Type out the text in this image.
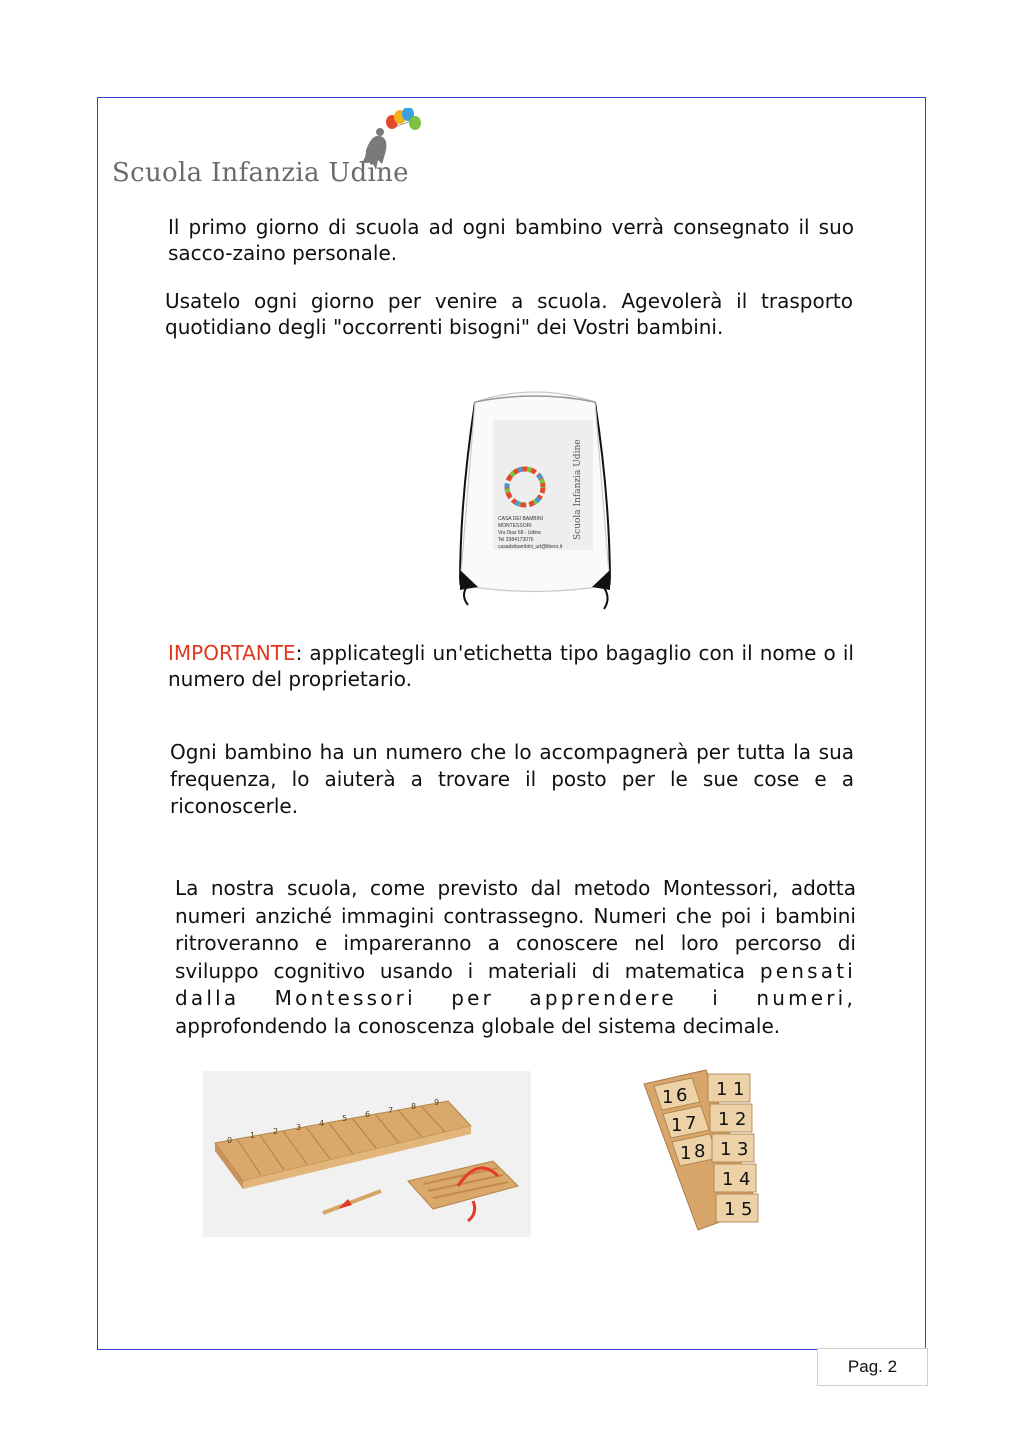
Scuola Infanzia Udine
Il primo giorno di scuola ad ogni bambino verrà consegnato il suo sacco-zaino personale.
Usatelo ogni giorno per venire a scuola. Agevolerà il trasporto quotidiano degli "occorrenti bisogni" dei Vostri bambini.
CASA DEI BAMBINI
MONTESSORI
Via Diaz 68 - Udine
Tel 3384173076
casadeibambini_ud@libero.it
Scuola Infanzia Udine
IMPORTANTE: applicategli un'etichetta tipo bagaglio con il nome o il numero del proprietario.
Ogni bambino ha un numero che lo accompagnerà per tutta la sua frequenza, lo aiuterà a trovare il posto per le sue cose e a riconoscerle.
La nostra scuola, come previsto dal metodo Montessori, adotta numeri anziché immagini contrassegno. Numeri che poi i bambini ritroveranno e impareranno a conoscere nel loro percorso di sviluppo cognitivo usando i materiali di matematica pensati dalla Montessori per apprendere i numeri, approfondendo la conoscenza globale del sistema decimale.
0
1 2 3 4
5 6 7 8 9	1 6
1 7
1 8
1 1
1 2
1 3
1 4
1 5
Pag. 2
